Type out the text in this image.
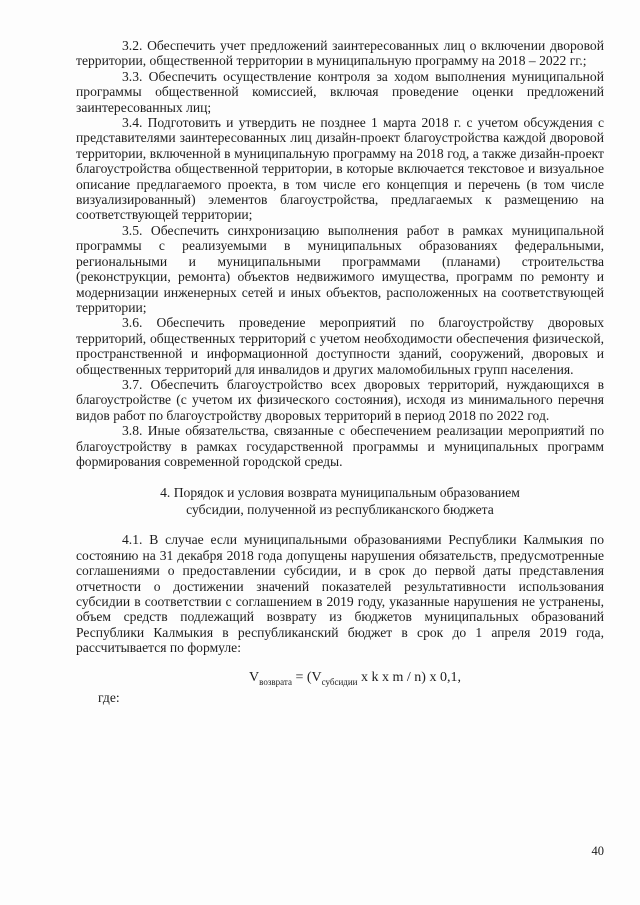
3.2. Обеспечить учет предложений заинтересованных лиц о включении дворовой территории, общественной территории в муниципальную программу на 2018 – 2022 гг.;

3.3. Обеспечить осуществление контроля за ходом выполнения муниципальной программы общественной комиссией, включая проведение оценки предложений заинтересованных лиц;

3.4. Подготовить и утвердить не позднее 1 марта 2018 г. с учетом обсуждения с представителями заинтересованных лиц дизайн-проект благоустройства каждой дворовой территории, включенной в муниципальную программу на 2018 год, а также дизайн-проект благоустройства общественной территории, в которые включается текстовое и визуальное описание предлагаемого проекта, в том числе его концепция и перечень (в том числе визуализированный) элементов благоустройства, предлагаемых к размещению на соответствующей территории;

3.5. Обеспечить синхронизацию выполнения работ в рамках муниципальной программы с реализуемыми в муниципальных образованиях федеральными, региональными и муниципальными программами (планами) строительства (реконструкции, ремонта) объектов недвижимого имущества, программ по ремонту и модернизации инженерных сетей и иных объектов, расположенных на соответствующей территории;

3.6. Обеспечить проведение мероприятий по благоустройству дворовых территорий, общественных территорий с учетом необходимости обеспечения физической, пространственной и информационной доступности зданий, сооружений, дворовых и общественных территорий для инвалидов и других маломобильных групп населения.

3.7. Обеспечить благоустройство всех дворовых территорий, нуждающихся в благоустройстве (с учетом их физического состояния), исходя из минимального перечня видов работ по благоустройству дворовых территорий в период 2018 по 2022 год.

3.8. Иные обязательства, связанные с обеспечением реализации мероприятий по благоустройству в рамках государственной программы и муниципальных программ формирования современной городской среды.

4. Порядок и условия возврата муниципальным образованием
субсидии, полученной из республиканского бюджета

4.1. В случае если муниципальными образованиями Республики Калмыкия по состоянию на 31 декабря 2018 года допущены нарушения обязательств, предусмотренные соглашениями о предоставлении субсидии, и в срок до первой даты представления отчетности о достижении значений показателей результативности использования субсидии в соответствии с соглашением в 2019 году, указанные нарушения не устранены, объем средств подлежащий возврату из бюджетов муниципальных образований Республики Калмыкия в республиканский бюджет в срок до 1 апреля 2019 года, рассчитывается по формуле:

$V_{возврата} = (V_{субсидии}$ x k x m / n) x 0,1,
где:
40
